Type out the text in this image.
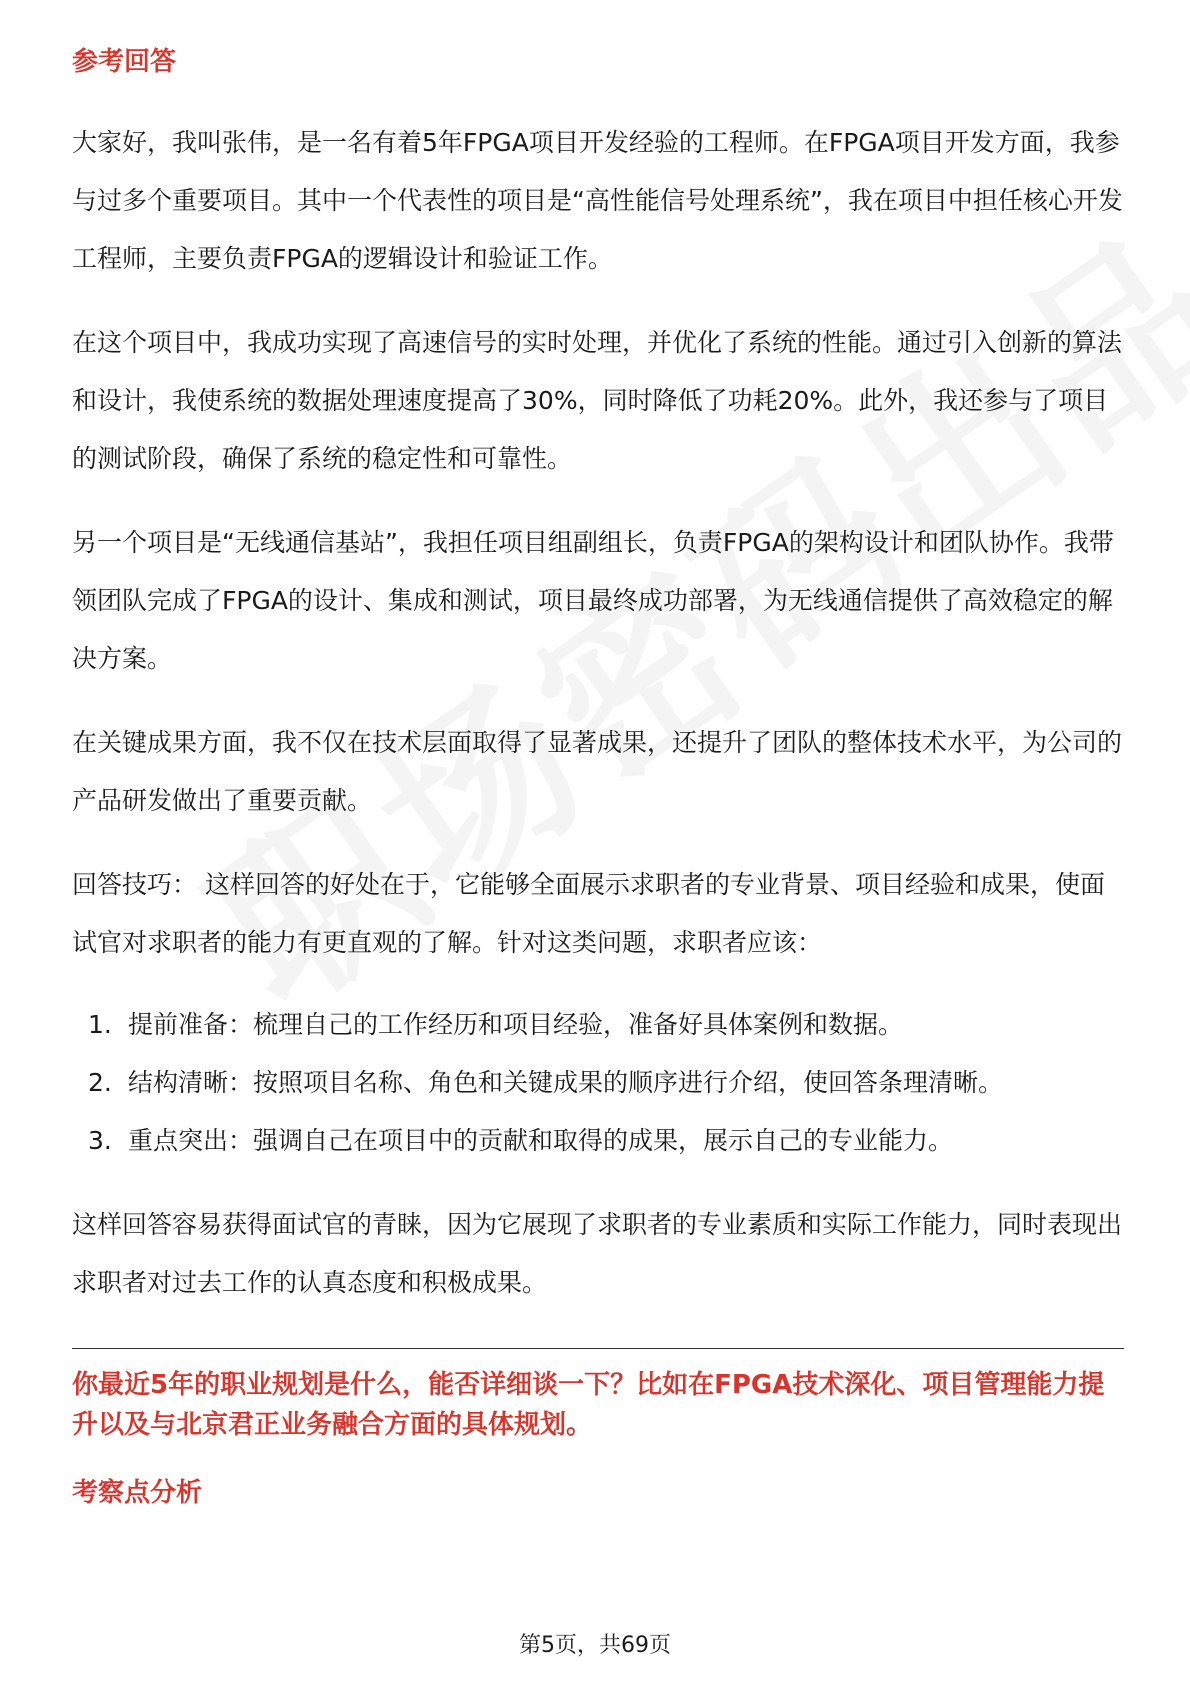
参考回答

大家好，我叫张伟，是一名有着5年FPGA项目开发经验的工程师。在FPGA项目开发方面，我参与过多个重要项目。其中一个代表性的项目是“高性能信号处理系统”，我在项目中担任核心开发工程师，主要负责FPGA的逻辑设计和验证工作。

在这个项目中，我成功实现了高速信号的实时处理，并优化了系统的性能。通过引入创新的算法和设计，我使系统的数据处理速度提高了30%，同时降低了功耗20%。此外，我还参与了项目的测试阶段，确保了系统的稳定性和可靠性。

另一个项目是“无线通信基站”，我担任项目组副组长，负责FPGA的架构设计和团队协作。我带领团队完成了FPGA的设计、集成和测试，项目最终成功部署，为无线通信提供了高效稳定的解决方案。

在关键成果方面，我不仅在技术层面取得了显著成果，还提升了团队的整体技术水平，为公司的产品研发做出了重要贡献。

回答技巧： 这样回答的好处在于，它能够全面展示求职者的专业背景、项目经验和成果，使面试官对求职者的能力有更直观的了解。针对这类问题，求职者应该：

1. 提前准备：梳理自己的工作经历和项目经验，准备好具体案例和数据。
2. 结构清晰：按照项目名称、角色和关键成果的顺序进行介绍，使回答条理清晰。
3. 重点突出：强调自己在项目中的贡献和取得的成果，展示自己的专业能力。

这样回答容易获得面试官的青睐，因为它展现了求职者的专业素质和实际工作能力，同时表现出求职者对过去工作的认真态度和积极成果。

你最近5年的职业规划是什么，能否详细谈一下？比如在FPGA技术深化、项目管理能力提升以及与北京君正业务融合方面的具体规划。

考察点分析
第5页，共69页
